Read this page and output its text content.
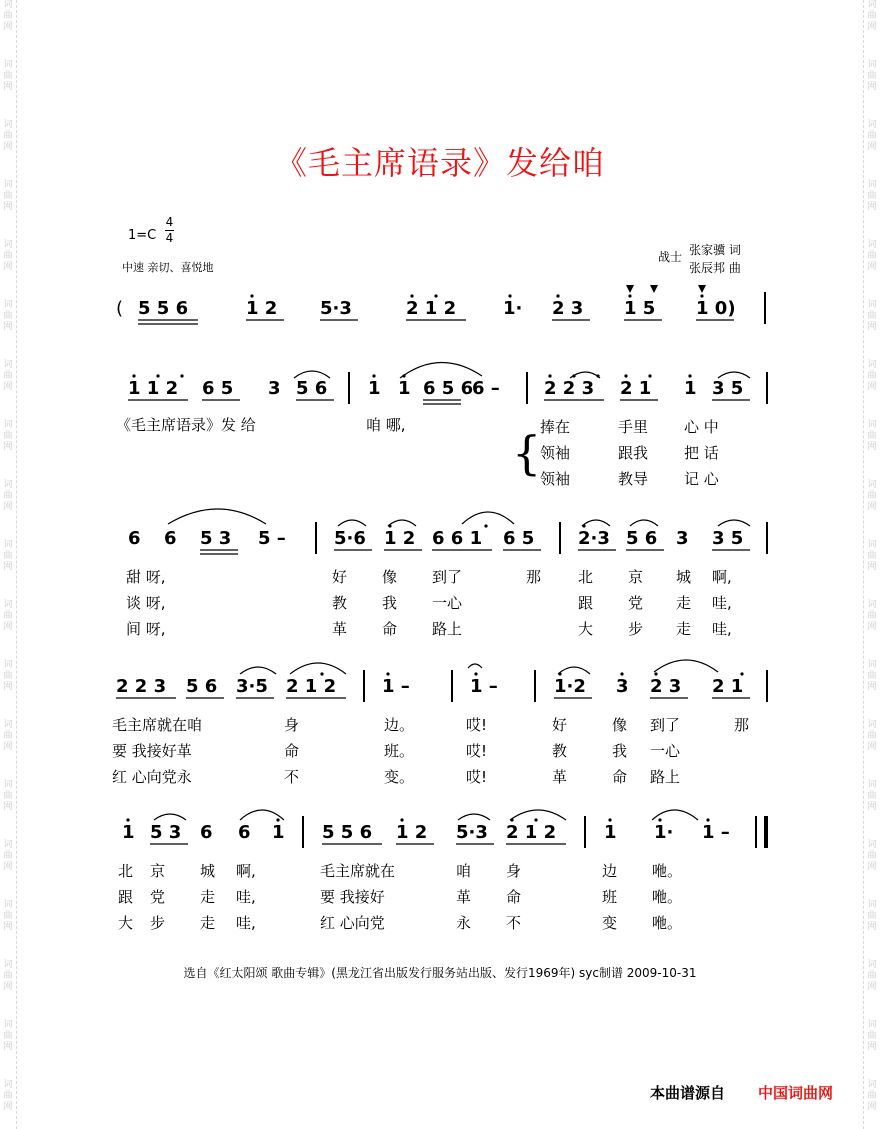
词
曲
网
词
曲
网
词
曲
网
词
曲
网
词
曲
网
词
曲
网
词
曲
网
词
曲
网
词
曲
网
词
曲
网
词
曲
网
词
曲
网
词
曲
网
词
曲
网
词
曲
网
词
曲
网
词
曲
网
词
曲
网
词
曲
网
词
曲
网
词
曲
网
词
曲
网
词
曲
网
词
曲
网
词
曲
网
词
曲
网
词
曲
网
词
曲
网
词
曲
网
词
曲
网
词
曲
网
词
曲
网
词
曲
网
词
曲
网
词
曲
网
词
曲
网
词
曲
网
词
曲
网
《毛主席语录》发给咱
1=C
4
4
中速 亲切、喜悦地
战士 张家骥 词
张辰邦 曲
( 5 5 6	1 2 5·3	2 1 2	1· 2 3 1 5 1 0)
1 1 2 6 5 3 5 6 1 1 6 5 6
6 – 2 2 3 2 1 1 3 5
6 6 5 3 5 –	5·6 1 2 6 6 1 6 5 2·3 5 6 3 3 5
2 2 3 5 6 3·5 2 1 2	1 –	1 –	1·2 3 2 3 2 1
1 5 3 6 6 1 5 5 6 1 2 5·3 2 1 2	1 1· 1 –
《毛主席语录》发 给	咱 哪,	捧在	手里 心 中
领袖	跟我 把 话
领袖	教导 记 心
{
甜 呀,	好 像 到了	那 北 京 城 啊,
谈 呀,	教 我 一心	跟 党 走 哇,
间 呀,	革 命 路上	大 步 走 哇,
毛主席就在咱	身	边。	哎!	好	像 到了	那
要 我接好革	命	班。	哎!	教	我 一心
红 心向党永	不	变。	哎!	革	命 路上
北 京 城 啊,	毛主席就在	咱 身	边 咃。
跟 党 走 哇,	要 我接好	革 命	班 咃。
大 步 走 哇,	红 心向党	永 不	变 咃。
选自《红太阳颂 歌曲专辑》(黑龙江省出版发行服务站出版、发行1969年) syc制谱 2009-10-31
本曲谱源自 中国词曲网
